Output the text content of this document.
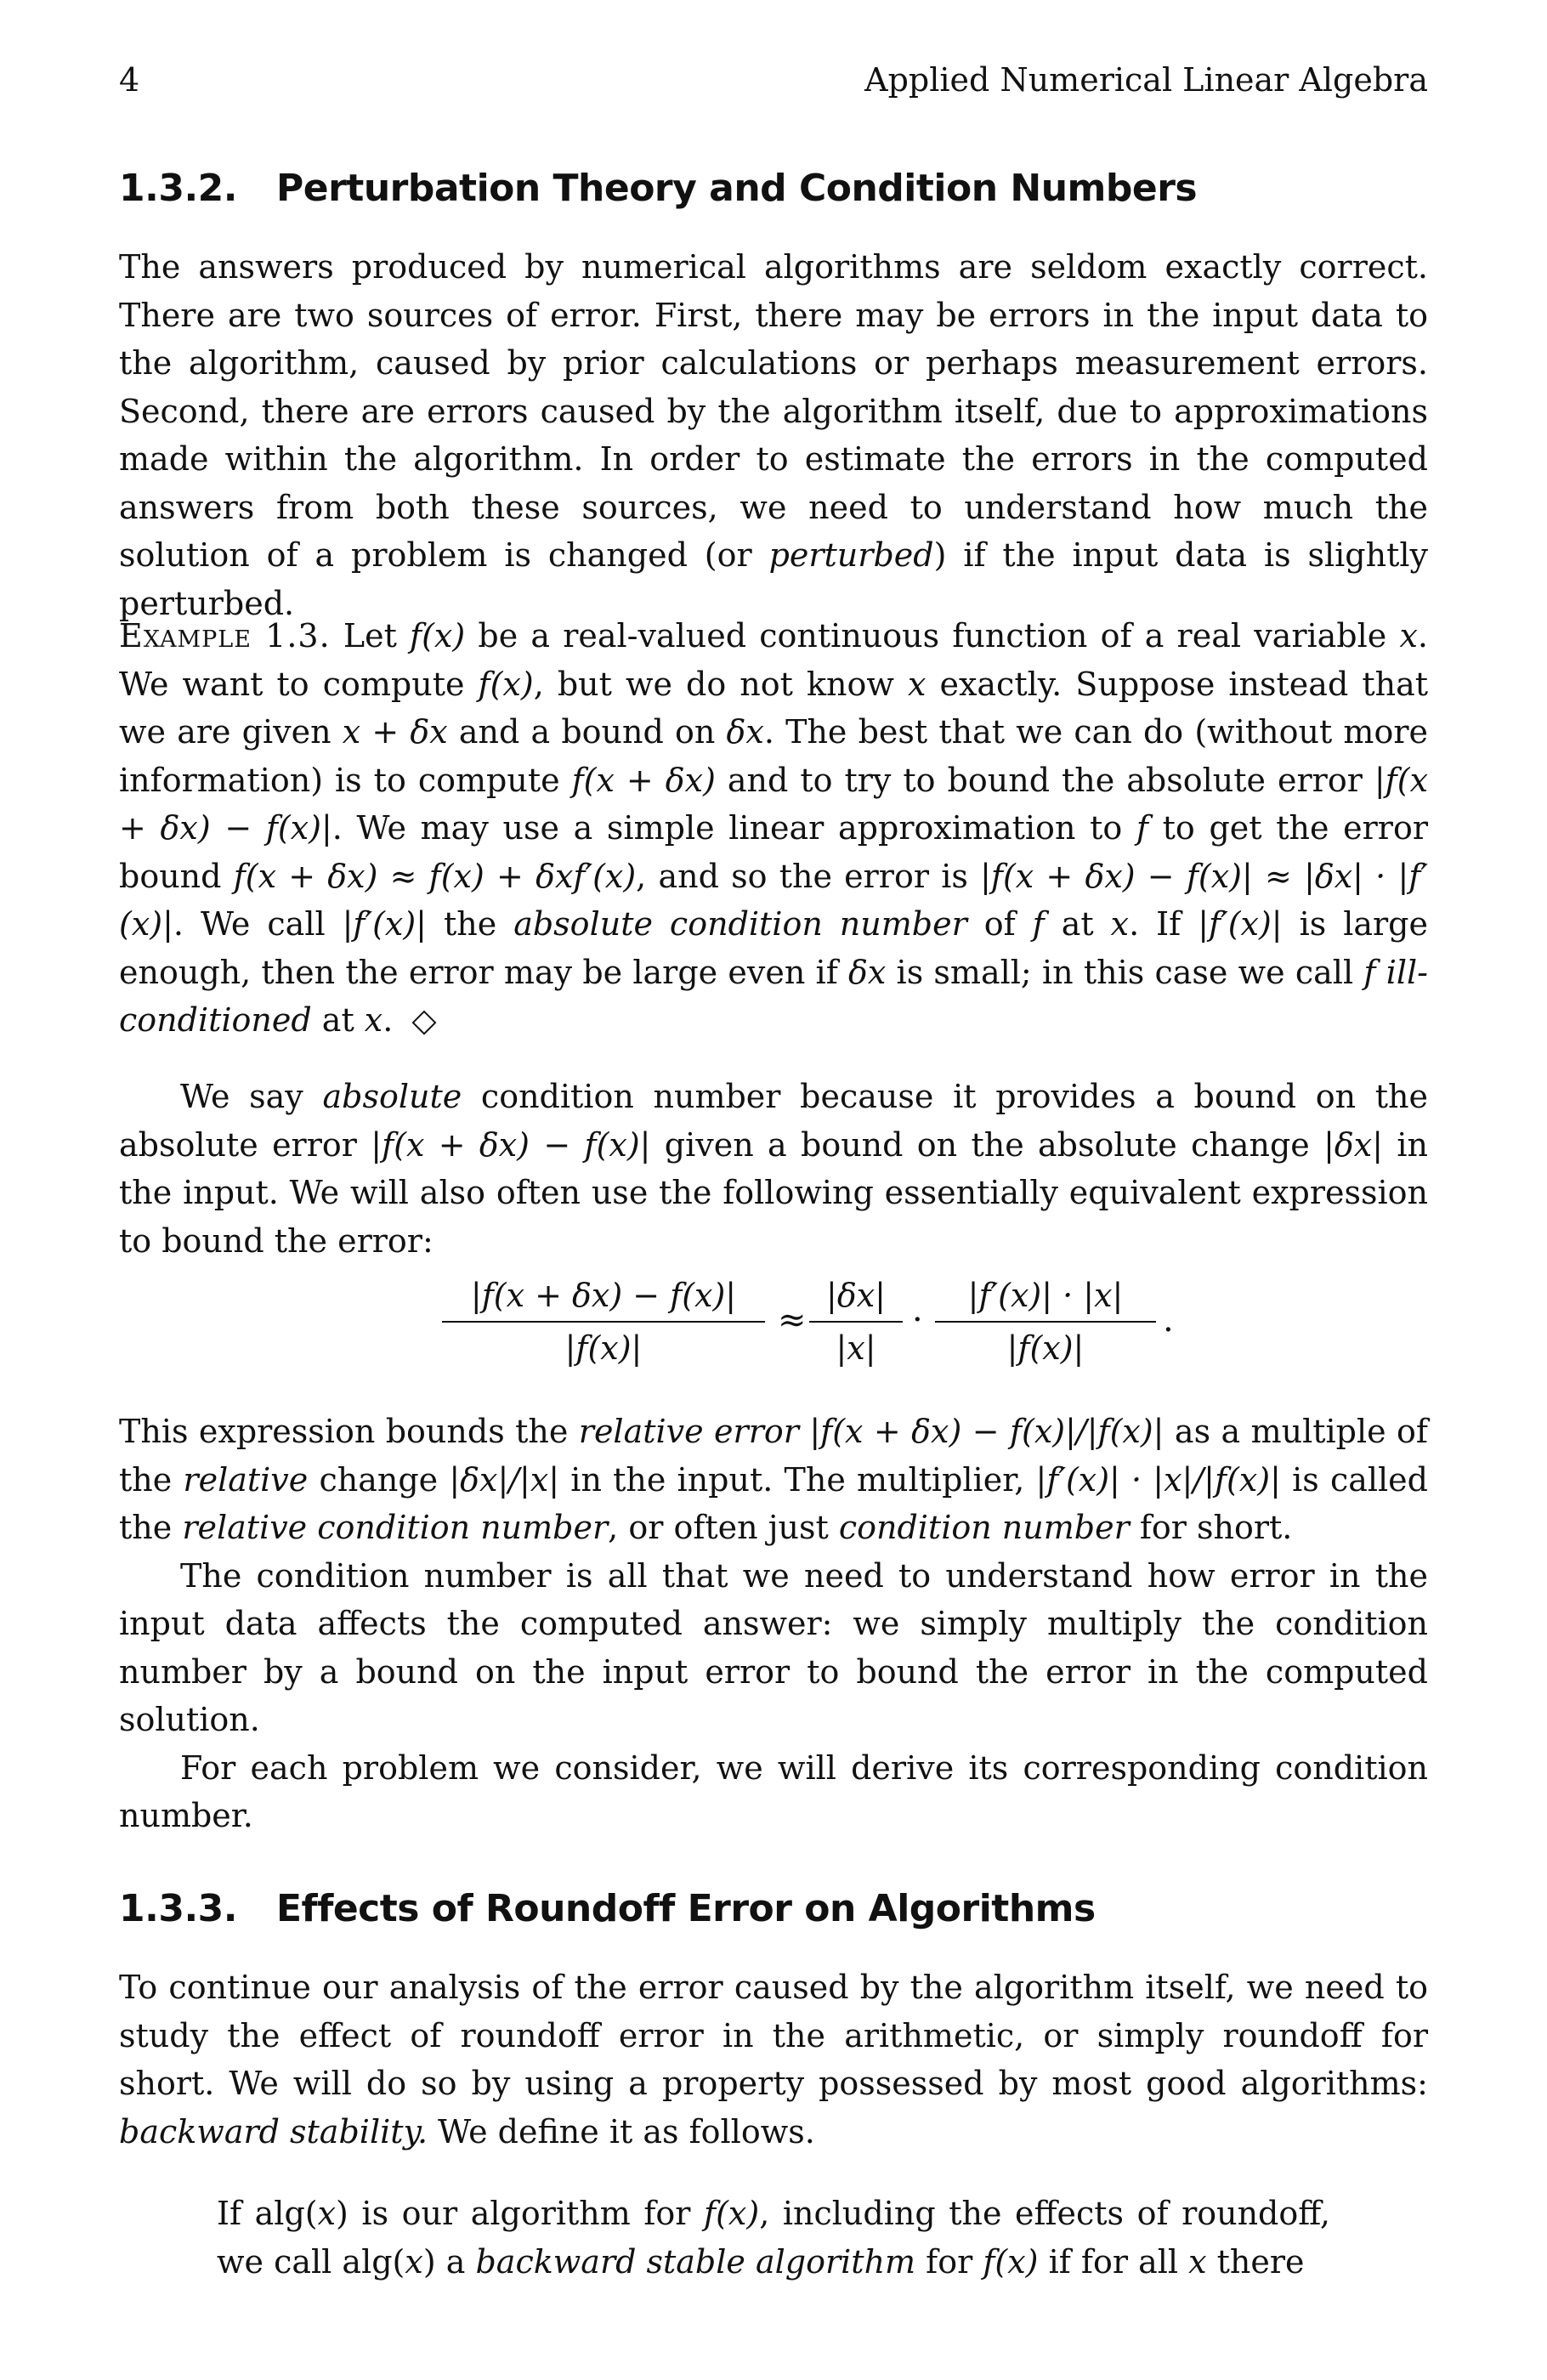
4	Applied Numerical Linear Algebra
1.3.2. Perturbation Theory and Condition Numbers

The answers produced by numerical algorithms are seldom exactly correct. There are two sources of error. First, there may be errors in the input data to the algorithm, caused by prior calculations or perhaps measurement errors. Second, there are errors caused by the algorithm itself, due to approximations made within the algorithm. In order to estimate the errors in the computed answers from both these sources, we need to understand how much the solution of a problem is changed (or perturbed) if the input data is slightly perturbed.

Example 1.3. Let f(x) be a real-valued continuous function of a real variable x. We want to compute f(x), but we do not know x exactly. Suppose instead that we are given x + δx and a bound on δx. The best that we can do (without more information) is to compute f(x + δx) and to try to bound the absolute error |f(x + δx) − f(x)|. We may use a simple linear approximation to f to get the error bound f(x + δx) ≈ f(x) + δxf′(x), and so the error is |f(x + δx) − f(x)| ≈ |δx| · |f′(x)|. We call |f′(x)| the absolute condition number of f at x. If |f′(x)| is large enough, then the error may be large even if δx is small; in this case we call f ill-conditioned at x. ◇

We say absolute condition number because it provides a bound on the absolute error |f(x + δx) − f(x)| given a bound on the absolute change |δx| in the input. We will also often use the following essentially equivalent expression to bound the error:

$\frac{|f(x + \delta x) - f(x)|}{|f(x)|} \approx \frac{|\delta x|}{|x|} \cdot \frac{|f'(x)| \cdot |x|}{|f(x)|}$ .

This expression bounds the relative error |f(x + δx) − f(x)|/|f(x)| as a multiple of the relative change |δx|/|x| in the input. The multiplier, |f′(x)| · |x|/|f(x)| is called the relative condition number, or often just condition number for short.

The condition number is all that we need to understand how error in the input data affects the computed answer: we simply multiply the condition number by a bound on the input error to bound the error in the computed solution.

For each problem we consider, we will derive its corresponding condition number.

1.3.3. Effects of Roundoff Error on Algorithms

To continue our analysis of the error caused by the algorithm itself, we need to study the effect of roundoff error in the arithmetic, or simply roundoff for short. We will do so by using a property possessed by most good algorithms: backward stability. We define it as follows.

If alg(x) is our algorithm for f(x), including the effects of roundoff, we call alg(x) a backward stable algorithm for f(x) if for all x there
